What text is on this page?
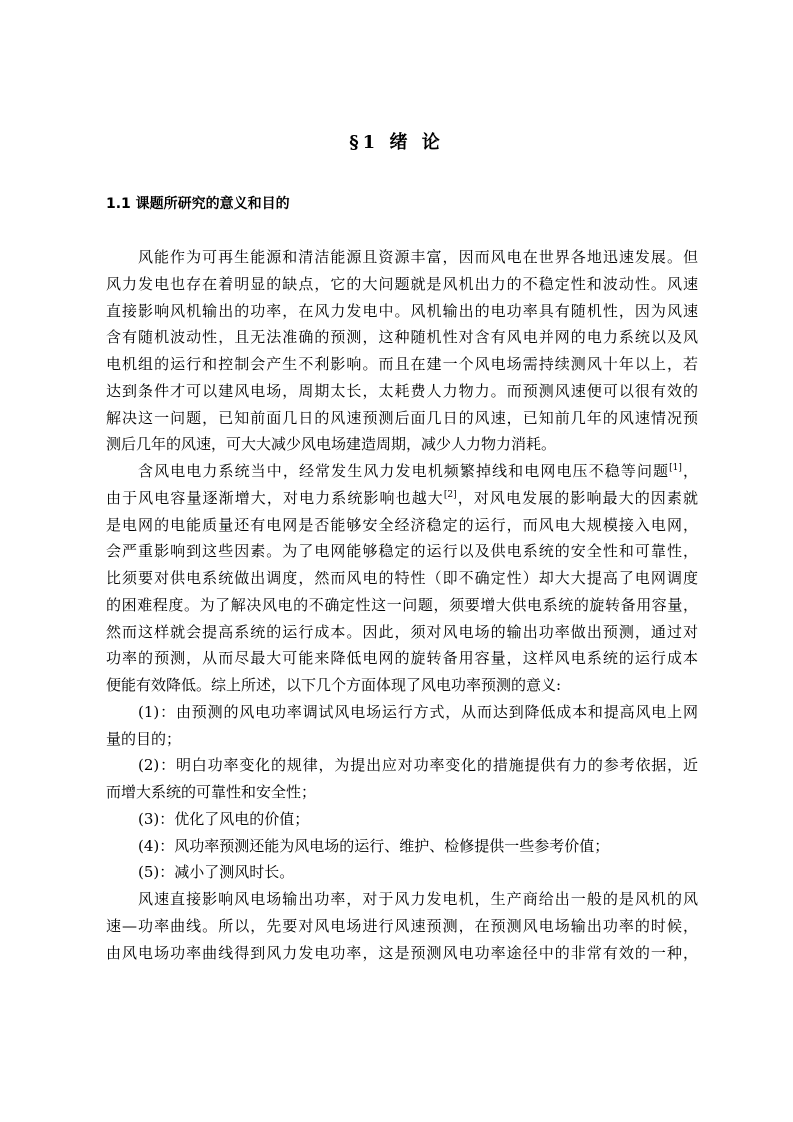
§1 绪 论
1.1 课题所研究的意义和目的
风能作为可再生能源和清洁能源且资源丰富，因而风电在世界各地迅速发展。但
风力发电也存在着明显的缺点，它的大问题就是风机出力的不稳定性和波动性。风速
直接影响风机输出的功率，在风力发电中。风机输出的电功率具有随机性，因为风速
含有随机波动性，且无法准确的预测，这种随机性对含有风电并网的电力系统以及风
电机组的运行和控制会产生不利影响。而且在建一个风电场需持续测风十年以上，若
达到条件才可以建风电场，周期太长，太耗费人力物力。而预测风速便可以很有效的
解决这一问题，已知前面几日的风速预测后面几日的风速，已知前几年的风速情况预
测后几年的风速，可大大减少风电场建造周期，减少人力物力消耗。
含风电电力系统当中，经常发生风力发电机频繁掉线和电网电压不稳等问题[1]，
由于风电容量逐渐增大，对电力系统影响也越大[2]，对风电发展的影响最大的因素就
是电网的电能质量还有电网是否能够安全经济稳定的运行，而风电大规模接入电网，
会严重影响到这些因素。为了电网能够稳定的运行以及供电系统的安全性和可靠性，
比须要对供电系统做出调度，然而风电的特性（即不确定性）却大大提高了电网调度
的困难程度。为了解决风电的不确定性这一问题，须要增大供电系统的旋转备用容量，
然而这样就会提高系统的运行成本。因此，须对风电场的输出功率做出预测，通过对
功率的预测，从而尽最大可能来降低电网的旋转备用容量，这样风电系统的运行成本
便能有效降低。综上所述，以下几个方面体现了风电功率预测的意义:
(1)：由预测的风电功率调试风电场运行方式，从而达到降低成本和提高风电上网
量的目的；
(2)：明白功率变化的规律，为提出应对功率变化的措施提供有力的参考依据，近
而增大系统的可靠性和安全性；
(3)：优化了风电的价值；
(4)：风功率预测还能为风电场的运行、维护、检修提供一些参考价值；
(5)：减小了测风时长。
风速直接影响风电场输出功率，对于风力发电机，生产商给出一般的是风机的风
速—功率曲线。所以，先要对风电场进行风速预测，在预测风电场输出功率的时候，
由风电场功率曲线得到风力发电功率，这是预测风电功率途径中的非常有效的一种，
